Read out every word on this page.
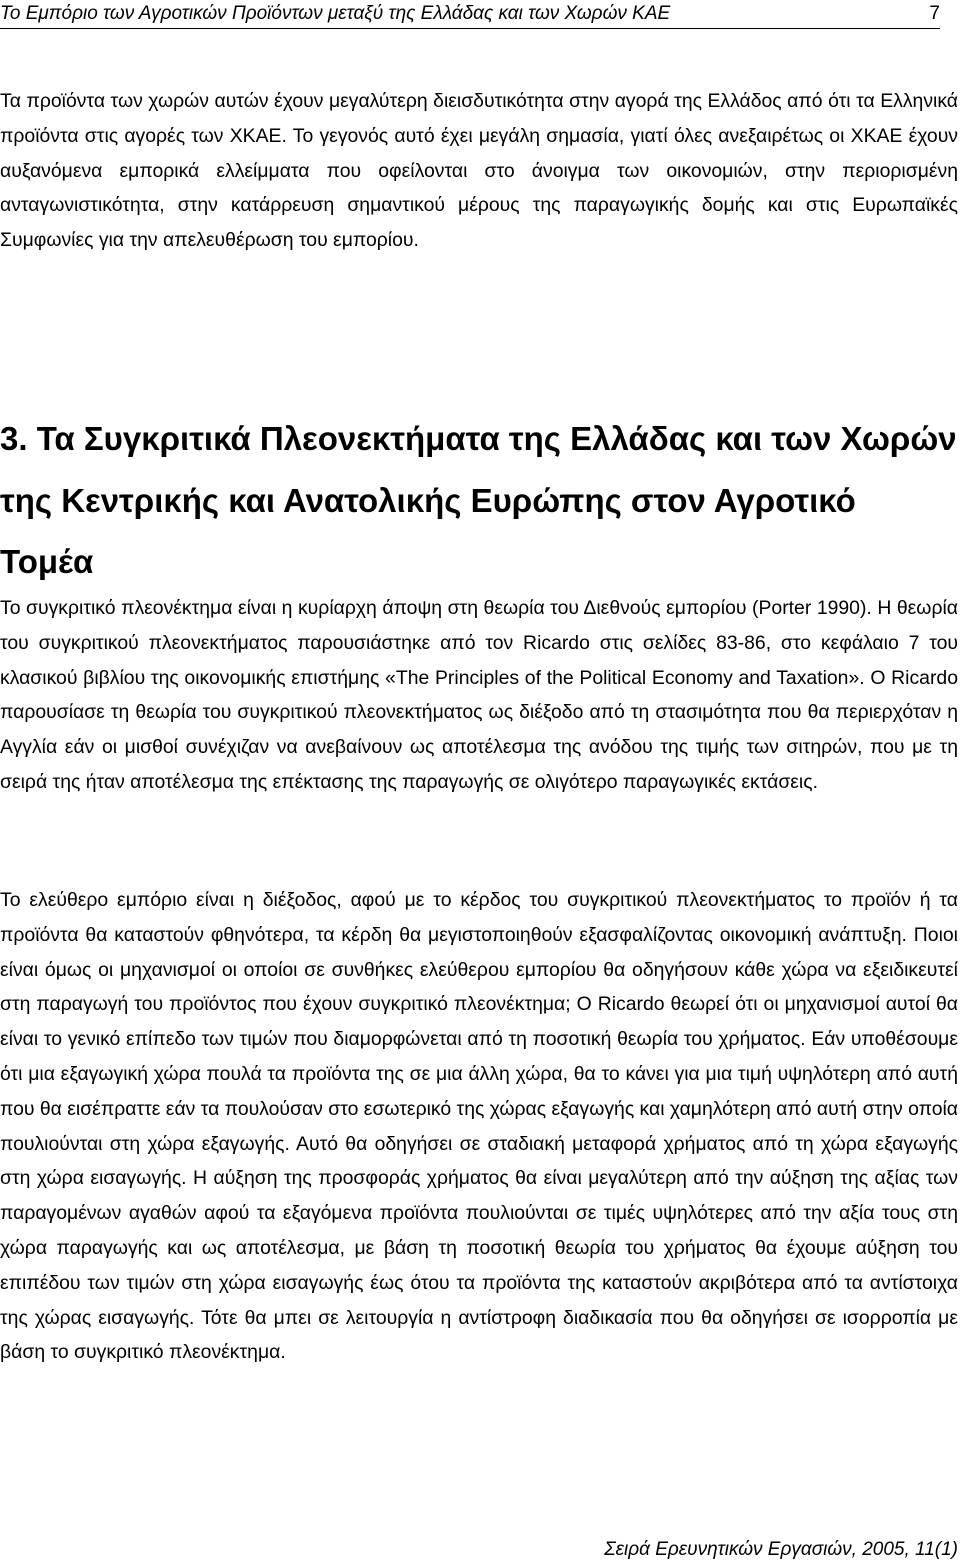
Το Εμπόριο των Αγροτικών Προϊόντων μεταξύ της Ελλάδας και των Χωρών ΚΑΕ	7

Τα προϊόντα των χωρών αυτών έχουν μεγαλύτερη διεισδυτικότητα στην αγορά της Ελλάδος από ότι τα Ελληνικά προϊόντα στις αγορές των ΧΚΑΕ. Το γεγονός αυτό έχει μεγάλη σημασία, γιατί όλες ανεξαιρέτως οι ΧΚΑΕ έχουν αυξανόμενα εμπορικά ελλείμματα που οφείλονται στο άνοιγμα των οικονομιών, στην περιορισμένη ανταγωνιστικότητα, στην κατάρρευση σημαντικού μέρους της παραγωγικής δομής και στις Ευρωπαϊκές Συμφωνίες για την απελευθέρωση του εμπορίου.

3. Τα Συγκριτικά Πλεονεκτήματα της Ελλάδας και των Χωρών της Κεντρικής και Ανατολικής Ευρώπης στον Αγροτικό Τομέα

Το συγκριτικό πλεονέκτημα είναι η κυρίαρχη άποψη στη θεωρία του Διεθνούς εμπορίου (Porter 1990). Η θεωρία του συγκριτικού πλεονεκτήματος παρουσιάστηκε από τον Ricardo στις σελίδες 83-86, στο κεφάλαιο 7 του κλασικού βιβλίου της οικονομικής επιστήμης «The Principles of the Political Economy and Taxation». Ο Ricardo παρουσίασε τη θεωρία του συγκριτικού πλεονεκτήματος ως διέξοδο από τη στασιμότητα που θα περιερχόταν η Αγγλία εάν οι μισθοί συνέχιζαν να ανεβαίνουν ως αποτέλεσμα της ανόδου της τιμής των σιτηρών, που με τη σειρά της ήταν αποτέλεσμα της επέκτασης της παραγωγής σε ολιγότερο παραγωγικές εκτάσεις.

Το ελεύθερο εμπόριο είναι η διέξοδος, αφού με το κέρδος του συγκριτικού πλεονεκτήματος το προϊόν ή τα προϊόντα θα καταστούν φθηνότερα, τα κέρδη θα μεγιστοποιηθούν εξασφαλίζοντας οικονομική ανάπτυξη. Ποιοι είναι όμως οι μηχανισμοί οι οποίοι σε συνθήκες ελεύθερου εμπορίου θα οδηγήσουν κάθε χώρα να εξειδικευτεί στη παραγωγή του προϊόντος που έχουν συγκριτικό πλεονέκτημα; Ο Ricardo θεωρεί ότι οι μηχανισμοί αυτοί θα είναι το γενικό επίπεδο των τιμών που διαμορφώνεται από τη ποσοτική θεωρία του χρήματος. Εάν υποθέσουμε ότι μια εξαγωγική χώρα πουλά τα προϊόντα της σε μια άλλη χώρα, θα το κάνει για μια τιμή υψηλότερη από αυτή που θα εισέπραττε εάν τα πουλούσαν στο εσωτερικό της χώρας εξαγωγής και χαμηλότερη από αυτή στην οποία πουλιούνται στη χώρα εξαγωγής. Αυτό θα οδηγήσει σε σταδιακή μεταφορά χρήματος από τη χώρα εξαγωγής στη χώρα εισαγωγής. Η αύξηση της προσφοράς χρήματος θα είναι μεγαλύτερη από την αύξηση της αξίας των παραγομένων αγαθών αφού τα εξαγόμενα προϊόντα πουλιούνται σε τιμές υψηλότερες από την αξία τους στη χώρα παραγωγής και ως αποτέλεσμα, με βάση τη ποσοτική θεωρία του χρήματος θα έχουμε αύξηση του επιπέδου των τιμών στη χώρα εισαγωγής έως ότου τα προϊόντα της καταστούν ακριβότερα από τα αντίστοιχα της χώρας εισαγωγής. Τότε θα μπει σε λειτουργία η αντίστροφη διαδικασία που θα οδηγήσει σε ισορροπία με βάση το συγκριτικό πλεονέκτημα.

Σειρά Ερευνητικών Εργασιών, 2005, 11(1)
